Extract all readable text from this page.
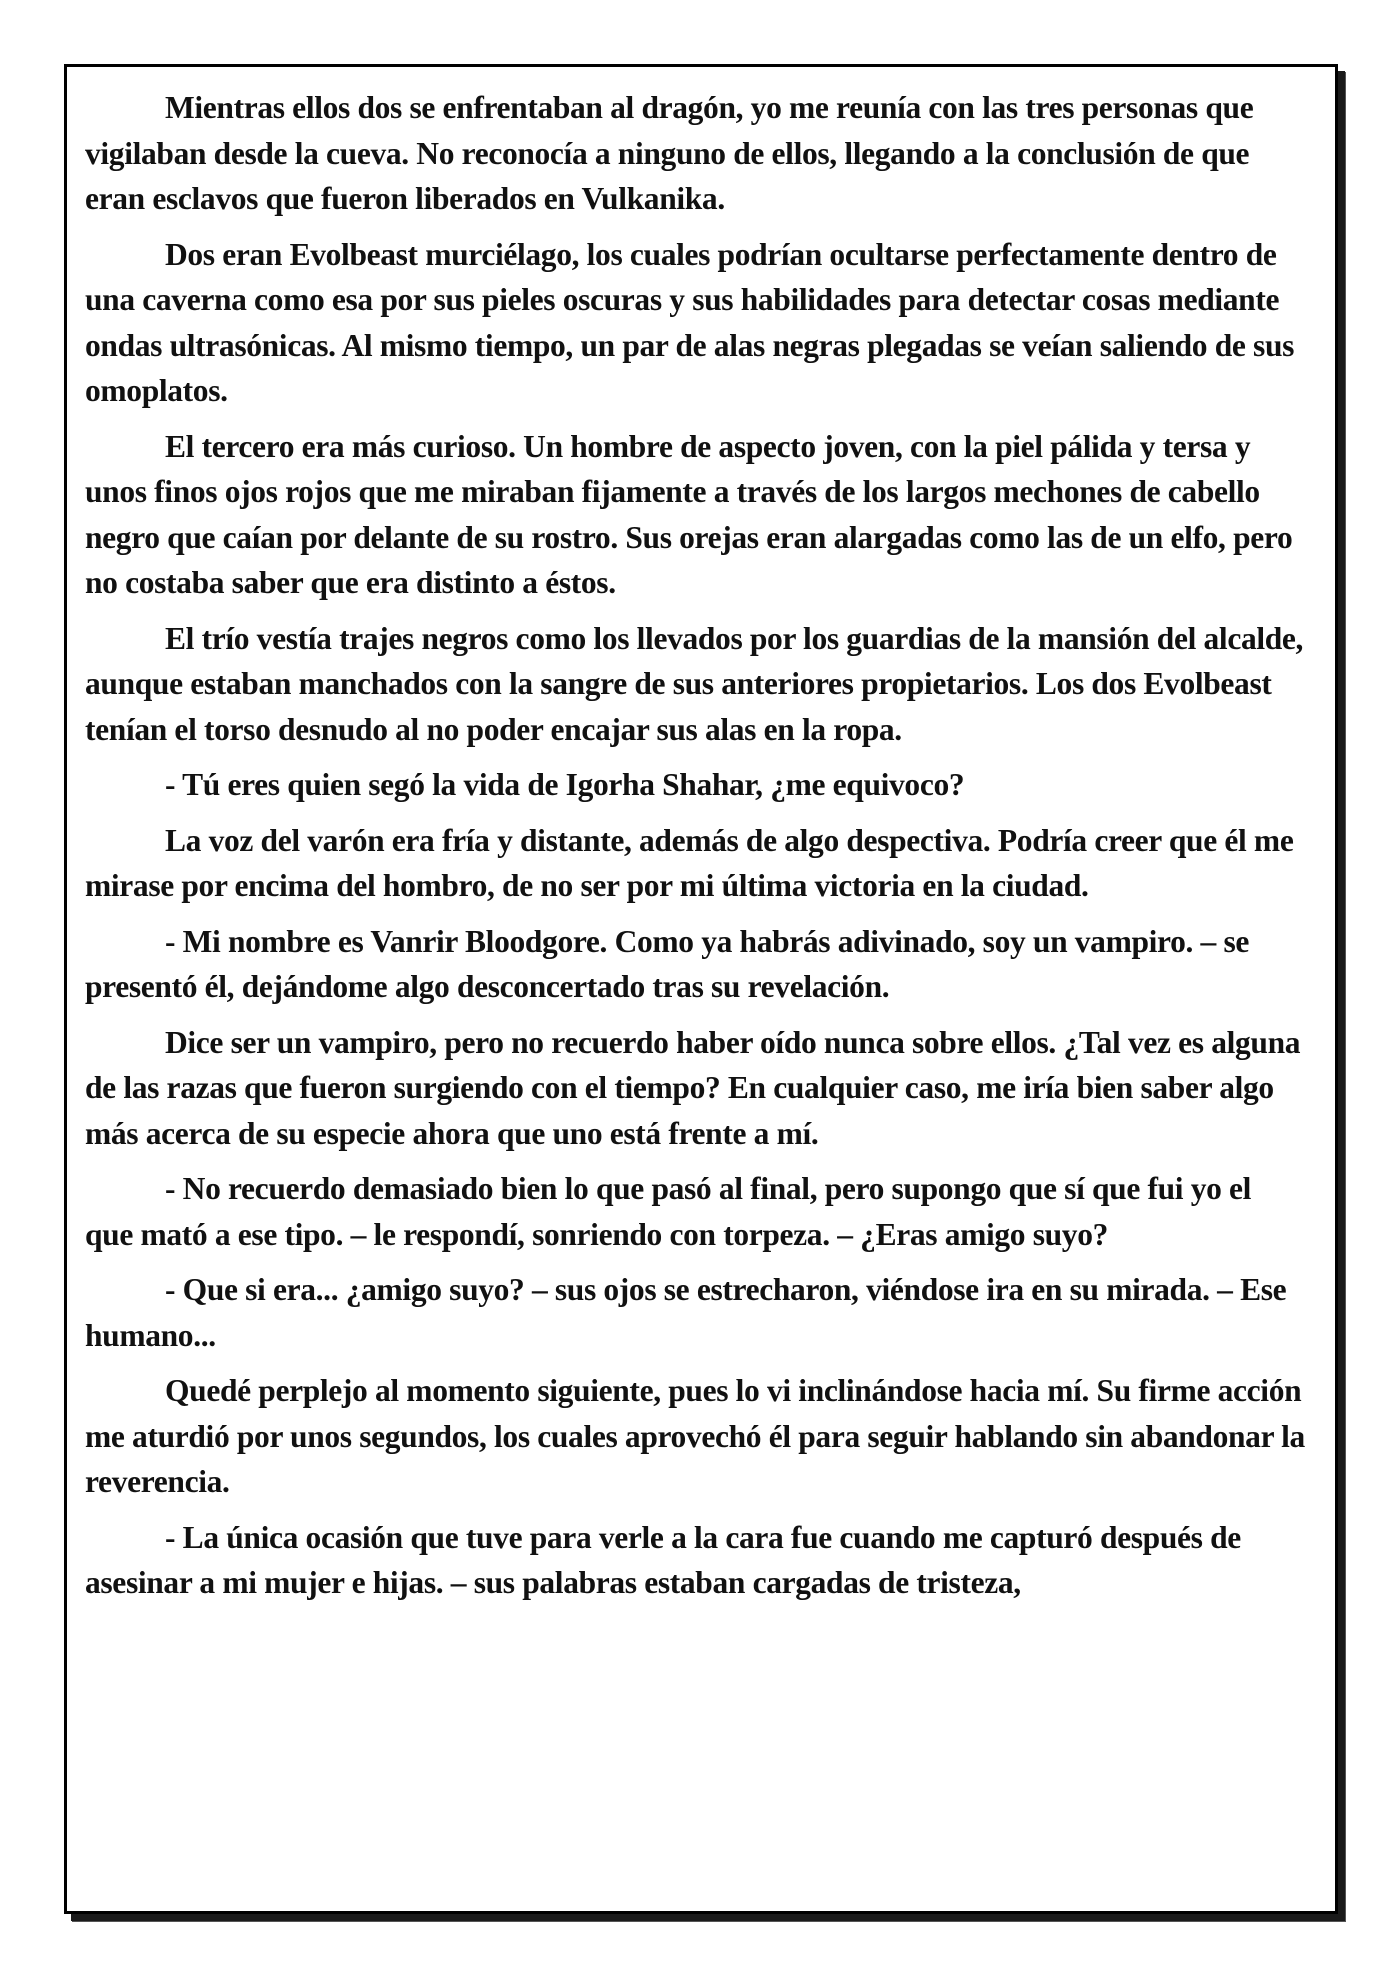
Mientras ellos dos se enfrentaban al dragón, yo me reunía con las tres personas que vigilaban desde la cueva. No reconocía a ninguno de ellos, llegando a la conclusión de que eran esclavos que fueron liberados en Vulkanika.

Dos eran Evolbeast murciélago, los cuales podrían ocultarse perfectamente dentro de una caverna como esa por sus pieles oscuras y sus habilidades para detectar cosas mediante ondas ultrasónicas. Al mismo tiempo, un par de alas negras plegadas se veían saliendo de sus omoplatos.

El tercero era más curioso. Un hombre de aspecto joven, con la piel pálida y tersa y unos finos ojos rojos que me miraban fijamente a través de los largos mechones de cabello negro que caían por delante de su rostro. Sus orejas eran alargadas como las de un elfo, pero no costaba saber que era distinto a éstos.

El trío vestía trajes negros como los llevados por los guardias de la mansión del alcalde, aunque estaban manchados con la sangre de sus anteriores propietarios. Los dos Evolbeast tenían el torso desnudo al no poder encajar sus alas en la ropa.

- Tú eres quien segó la vida de Igorha Shahar, ¿me equivoco?

La voz del varón era fría y distante, además de algo despectiva. Podría creer que él me mirase por encima del hombro, de no ser por mi última victoria en la ciudad.

- Mi nombre es Vanrir Bloodgore. Como ya habrás adivinado, soy un vampiro. – se presentó él, dejándome algo desconcertado tras su revelación.

Dice ser un vampiro, pero no recuerdo haber oído nunca sobre ellos. ¿Tal vez es alguna de las razas que fueron surgiendo con el tiempo? En cualquier caso, me iría bien saber algo más acerca de su especie ahora que uno está frente a mí.

- No recuerdo demasiado bien lo que pasó al final, pero supongo que sí que fui yo el que mató a ese tipo. – le respondí, sonriendo con torpeza. – ¿Eras amigo suyo?

- Que si era... ¿amigo suyo? – sus ojos se estrecharon, viéndose ira en su mirada. – Ese humano...

Quedé perplejo al momento siguiente, pues lo vi inclinándose hacia mí. Su firme acción me aturdió por unos segundos, los cuales aprovechó él para seguir hablando sin abandonar la reverencia.

- La única ocasión que tuve para verle a la cara fue cuando me capturó después de asesinar a mi mujer e hijas. – sus palabras estaban cargadas de tristeza,
